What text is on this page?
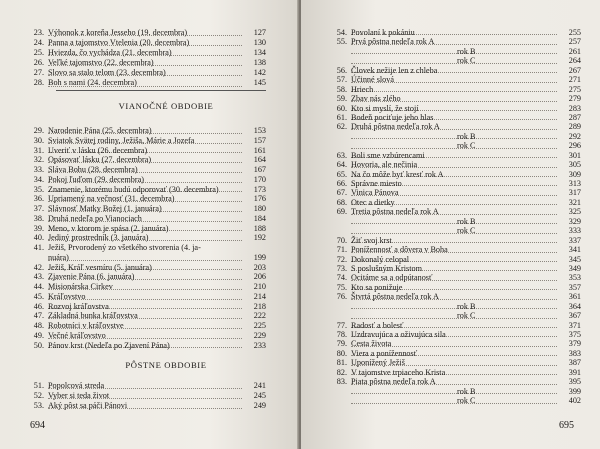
23. Výhonok z koreňa Jesseho (19. decembra)	127
24. Panna a tajomstvo Vtelenia (20. decembra)	130
25. Hviezda, čo vychádza (21. decembra)	134
26. Veľké tajomstvo (22. decembra)	138
27. Slovo sa stalo telom (23. decembra)	142
28. Boh s nami (24. decembra)	145
VIANOČNÉ OBDOBIE
29. Narodenie Pána (25. decembra)	153
30. Sviatok Svätej rodiny, Ježiša, Márie a Jozefa	157
31. Uveriť v lásku (26. decembra)	161
32. Opásovať lásku (27. decembra)	164
33. Sláva Bohu (28. decembra)	167
34. Pokoj ľuďom (29. decembra)	170
35. Znamenie, ktorému budú odporovať (30. decembra)	173
36. Upriamený na večnosť (31. decembra)	176
37. Slávnosť Matky Božej (1. januára)	180
38. Druhá nedeľa po Vianociach	184
39. Meno, v ktorom je spása (2. januára)	188
40. Jediný prostredník (3. januára)	192
41. Ježiš, Prvorodený zo všetkého stvorenia (4. ja-
nuára)	199
42. Ježiš, Kráľ vesmíru (5. januára)	203
43. Zjavenie Pána (6. januára)	206
44. Misionárska Cirkev	210
45. Kráľovstvo	214
46. Rozvoj kráľovstva	218
47. Základná bunka kráľovstva	222
48. Robotníci v kráľovstve	225
49. Večné kráľovstvo	229
50. Pánov krst (Nedeľa po Zjavení Pána)	233
PÔSTNE OBDOBIE
51. Popolcová streda	241
52. Vyber si teda život	245
53. Aký pôst sa páči Pánovi	249
694
54. Povolaní k pokániu	255
55. Prvá pôstna nedeľa rok A	257
rok B	261
rok C	264
56. Človek nežije len z chleba	267
57. Účinné slová	271
58. Hriech	275
59. Zbav nás zlého	279
60. Kto si myslí, že stojí	283
61. Bodeň pociťuje jeho hlas	287
62. Druhá pôstna nedeľa rok A	289
rok B	292
rok C	296
63. Boli sme vzbúrencami	301
64. Hovoria, ale nečinia	305
65. Na čo môže byť kresť rok A	309
66. Správne miesto	313
67. Vinica Pánova	317
68. Otec a dietky	321
69. Tretia pôstna nedeľa rok A	325
rok B	329
rok C	333
70. Žiť svoj krst	337
71. Ponížennosť a dôvera v Boha	341
72. Dokonalý celopal	345
73. S poslušným Kristom	349
74. Ocitáme sa a odpútanosť	353
75. Kto sa ponižuje	357
76. Štvrtá pôstna nedeľa rok A	361
rok B	364
rok C	367
77. Radosť a bolesť	371
78. Uzdravujúca a oživujúca sila	375
79. Cesta života	379
80. Viera a ponížennosť	383
81. Uponížený Ježiš	387
82. V tajomstve trpiaceho Krista	391
83. Piata pôstna nedeľa rok A	395
rok B	399
rok C	402
695
